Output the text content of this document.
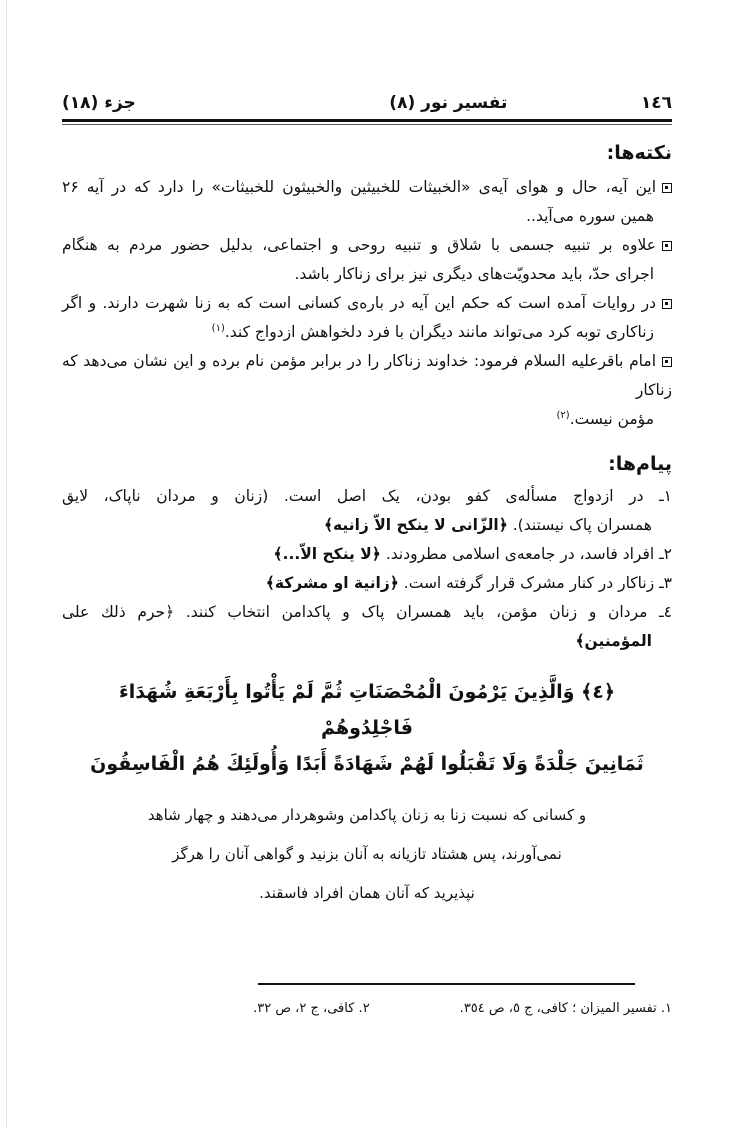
١٤٦
تفسیر نور (٨)
جزء (١٨)
نکته‌ها:
این آیه، حال و هوای آیه‌ی «الخبیثات للخبیثین والخبیثون للخبیثات» را دارد که در آیه ۲۶
همین سوره می‌آید..
علاوه بر تنبیه جسمی با شلاق و تنبیه روحی و اجتماعی، بدلیل حضور مردم به هنگام
اجرای حدّ، باید محدویّت‌های دیگری نیز برای زناکار باشد.
در روایات آمده است که حکم این آیه در باره‌ی کسانی است که به زنا شهرت دارند. و اگر
زناکاری توبه کرد می‌تواند مانند دیگران با فرد دلخواهش ازدواج کند.$^{(١)}$
امام باقرعليه السلام فرمود: خداوند زناکار را در برابر مؤمن نام برده و این نشان می‌دهد که زناکار
مؤمن نیست.$^{(٢)}$
پیام‌ها:
۱ـ در ازدواج مسأله‌ی کفو بودن، یک اصل است. (زنان و مردان ناپاک، لایق
همسران پاک نیستند). ﴿الزّانی لا ینکح الاّ زانیه﴾
۲ـ افراد فاسد، در جامعه‌ی اسلامی مطرودند. ﴿لا ینکح الاّ...﴾
۳ـ زناکار در کنار مشرک قرار گرفته است. ﴿زانیة او مشرکة﴾
٤ـ مردان و زنان مؤمن، باید همسران پاک و پاکدامن انتخاب کنند. ﴿حرم ذلك على
المؤمنين﴾
﴿٤﴾ وَالَّذِينَ يَرْمُونَ الْمُحْصَنَاتِ ثُمَّ لَمْ يَأْتُوا بِأَرْبَعَةِ شُهَدَاءَ فَاجْلِدُوهُمْ
ثَمَانِينَ جَلْدَةً وَلَا تَقْبَلُوا لَهُمْ شَهَادَةً أَبَدًا وَأُولَئِكَ هُمُ الْفَاسِقُونَ
و کسانی که نسبت زنا به زنان پاکدامن وشوهردار می‌دهند و چهار شاهد
نمی‌آورند، پس هشتاد تازیانه به آنان بزنید و گواهی آنان را هرگز
نپذیرید که آنان همان افراد فاسقند.
١. تفسیر المیزان ؛ کافی، ج ٥، ص ٣٥٤.
٢. کافی، ج ٢، ص ٣٢.
